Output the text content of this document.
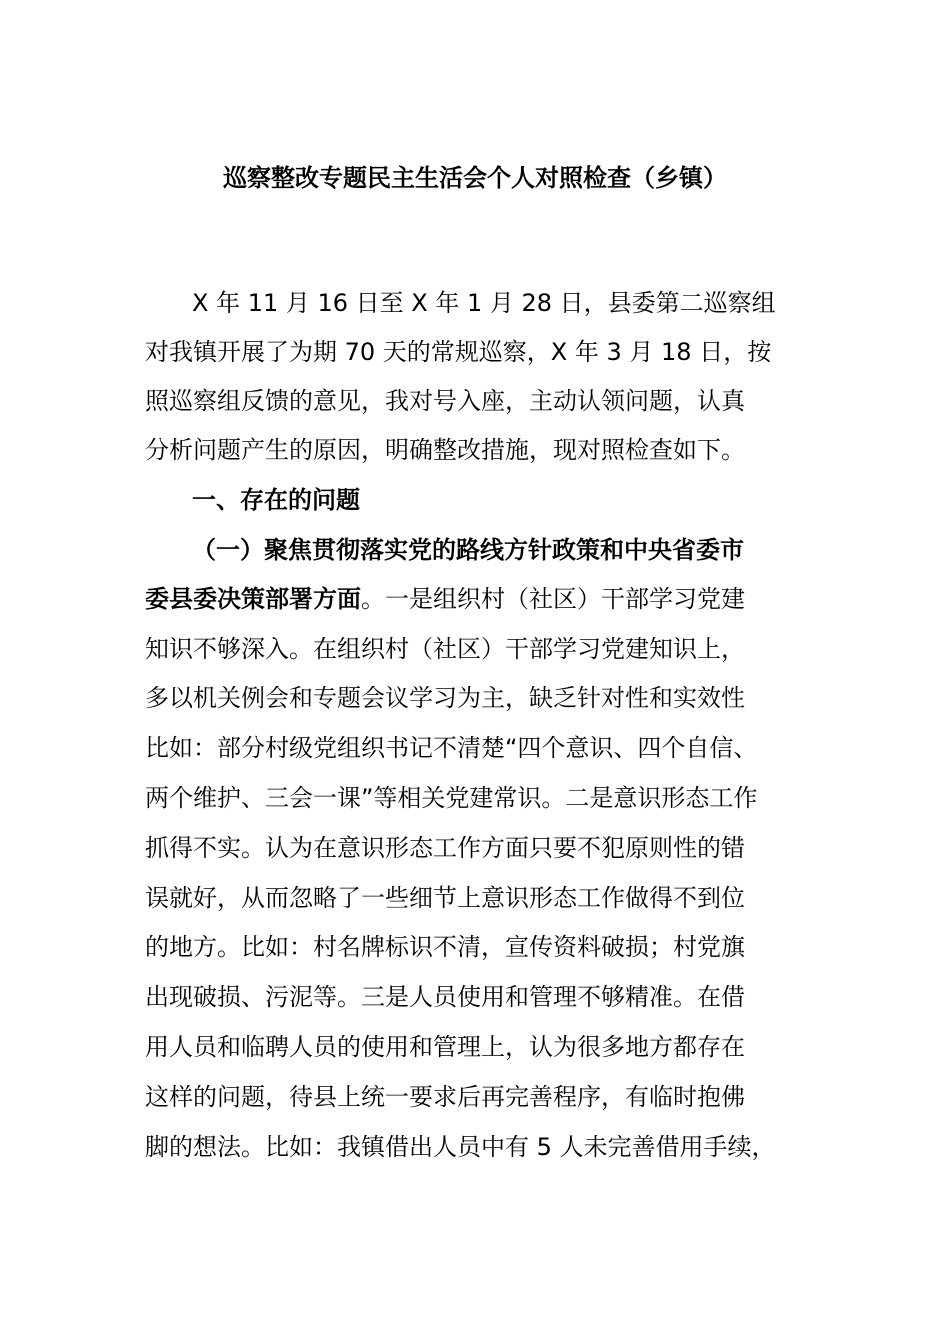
巡察整改专题民主生活会个人对照检查（乡镇）

X 年 11 月 16 日至 X 年 1 月 28 日，县委第二巡察组

对我镇开展了为期 70 天的常规巡察，X 年 3 月 18 日，按

照巡察组反馈的意见，我对号入座，主动认领问题，认真

分析问题产生的原因，明确整改措施，现对照检查如下。

一、存在的问题

（一）聚焦贯彻落实党的路线方针政策和中央省委市

委县委决策部署方面。一是组织村（社区）干部学习党建

知识不够深入。在组织村（社区）干部学习党建知识上，

多以机关例会和专题会议学习为主，缺乏针对性和实效性

比如：部分村级党组织书记不清楚“四个意识、四个自信、

两个维护、三会一课”等相关党建常识。二是意识形态工作

抓得不实。认为在意识形态工作方面只要不犯原则性的错

误就好，从而忽略了一些细节上意识形态工作做得不到位

的地方。比如：村名牌标识不清，宣传资料破损；村党旗

出现破损、污泥等。三是人员使用和管理不够精准。在借

用人员和临聘人员的使用和管理上，认为很多地方都存在

这样的问题，待县上统一要求后再完善程序，有临时抱佛

脚的想法。比如：我镇借出人员中有 5 人未完善借用手续，
